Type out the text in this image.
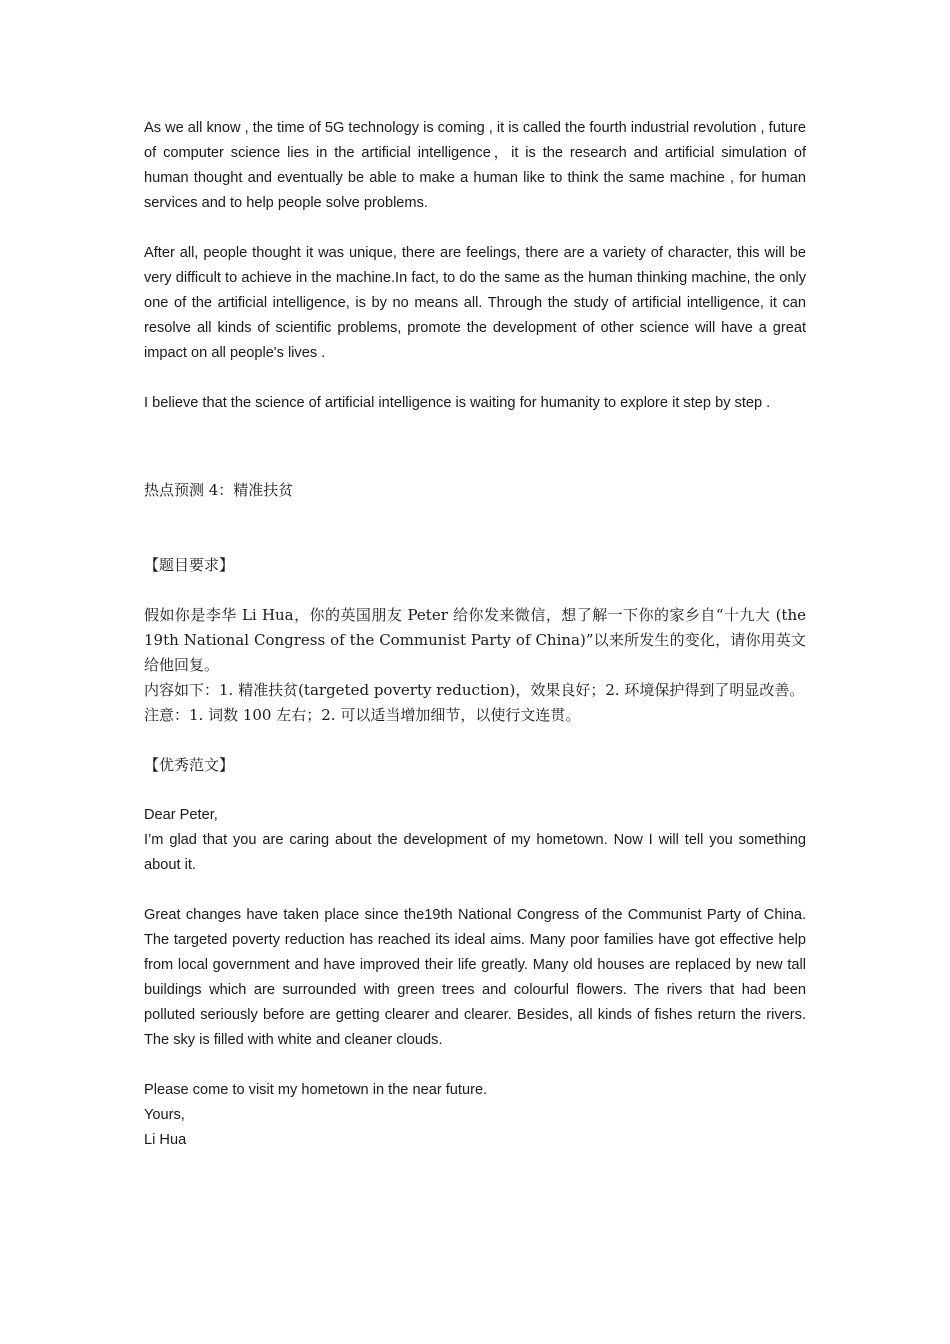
As we all know , the time of 5G technology is coming , it is called the fourth industrial revolution , future of computer science lies in the artificial intelligence，it is the research and artificial simulation of human thought and eventually be able to make a human like to think the same machine , for human services and to help people solve problems.

After all, people thought it was unique, there are feelings, there are a variety of character, this will be very difficult to achieve in the machine.In fact, to do the same as the human thinking machine, the only one of the artificial intelligence, is by no means all. Through the study of artificial intelligence, it can resolve all kinds of scientific problems, promote the development of other science will have a great impact on all people's lives .

I believe that the science of artificial intelligence is waiting for humanity to explore it step by step .

热点预测 4：精准扶贫

【题目要求】

假如你是李华 Li Hua，你的英国朋友 Peter 给你发来微信，想了解一下你的家乡自“十九大 (the 19th National Congress of the Communist Party of China)”以来所发生的变化，请你用英文给他回复。

内容如下：1. 精准扶贫(targeted poverty reduction)，效果良好；2. 环境保护得到了明显改善。

注意：1. 词数 100 左右；2. 可以适当增加细节，以使行文连贯。

【优秀范文】

Dear Peter,

I’m glad that you are caring about the development of my hometown. Now I will tell you something about it.

Great changes have taken place since the19th National Congress of the Communist Party of China. The targeted poverty reduction has reached its ideal aims. Many poor families have got effective help from local government and have improved their life greatly. Many old houses are replaced by new tall buildings which are surrounded with green trees and colourful flowers. The rivers that had been polluted seriously before are getting clearer and clearer. Besides, all kinds of fishes return the rivers. The sky is filled with white and cleaner clouds.

Please come to visit my hometown in the near future.

Yours,

Li Hua
